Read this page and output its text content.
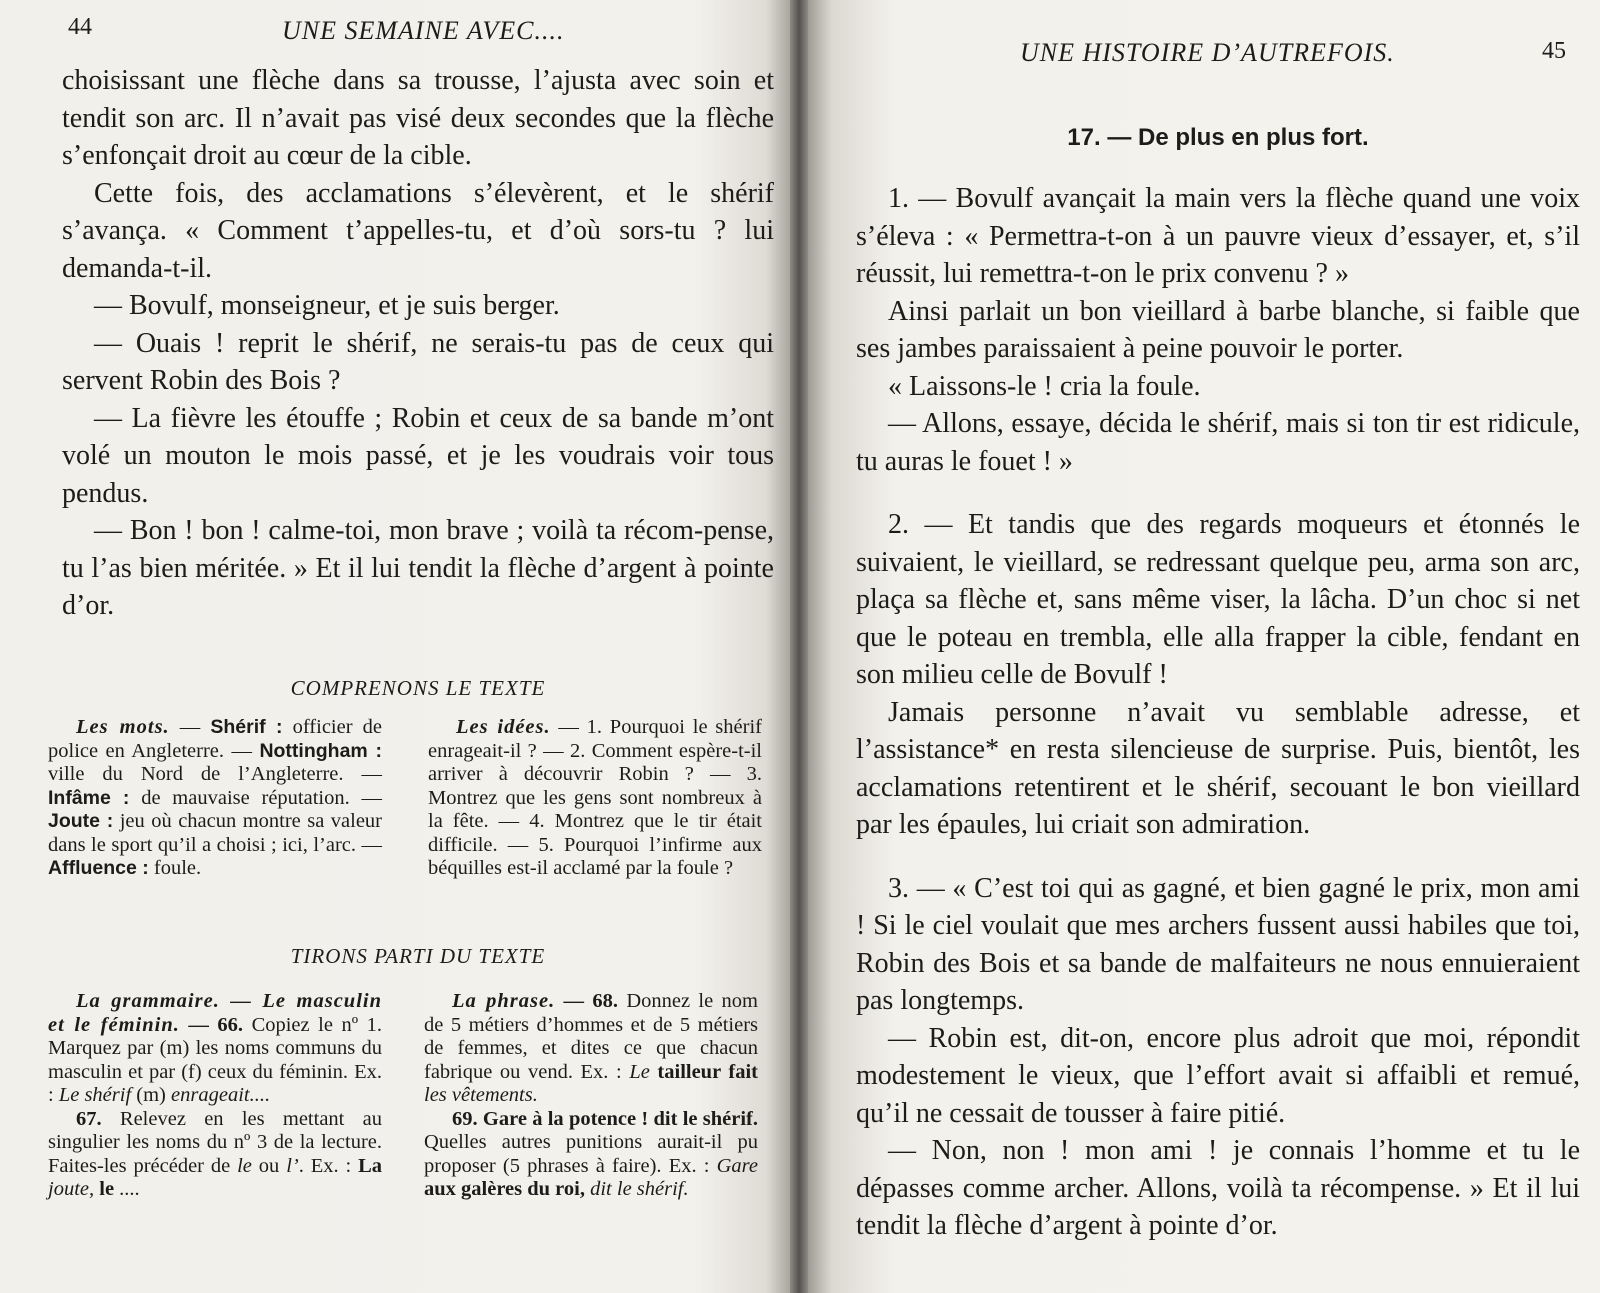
44	UNE SEMAINE AVEC....

choisissant une flèche dans sa trousse, l’ajusta avec soin et tendit son arc. Il n’avait pas visé deux secondes que la flèche s’enfonçait droit au cœur de la cible.

Cette fois, des acclamations s’élevèrent, et le shérif s’avança. « Comment t’appelles-tu, et d’où sors-tu ? lui demanda-t-il.

— Bovulf, monseigneur, et je suis berger.

— Ouais ! reprit le shérif, ne serais-tu pas de ceux qui servent Robin des Bois ?

— La fièvre les étouffe ; Robin et ceux de sa bande m’ont volé un mouton le mois passé, et je les voudrais voir tous pendus.

— Bon ! bon ! calme-toi, mon brave ; voilà ta récom-pense, tu l’as bien méritée. » Et il lui tendit la flèche d’argent à pointe d’or.

COMPRENONS LE TEXTE

Les mots. — Shérif : officier de police en Angleterre. — Nottingham : ville du Nord de l’Angleterre. — Infâme : de mauvaise réputation. — Joute : jeu où chacun montre sa valeur dans le sport qu’il a choisi ; ici, l’arc. — Affluence : foule.

Les idées. — 1. Pourquoi le shérif enrageait-il ? — 2. Comment espère-t-il arriver à découvrir Robin ? — 3. Montrez que les gens sont nombreux à la fête. — 4. Montrez que le tir était difficile. — 5. Pourquoi l’infirme aux béquilles est-il acclamé par la foule ?

TIRONS PARTI DU TEXTE

La grammaire. — Le masculin et le féminin. — 66. Copiez le nº 1. Marquez par (m) les noms communs du masculin et par (f) ceux du féminin. Ex. : Le shérif (m) enrageait....

67. Relevez en les mettant au singulier les noms du nº 3 de la lecture. Faites-les précéder de le ou l’. Ex. : La joute, le ....

La phrase. — 68. Donnez le nom de 5 métiers d’hommes et de 5 métiers de femmes, et dites ce que chacun fabrique ou vend. Ex. : Le tailleur fait les vêtements.

69. Gare à la potence ! dit le shérif. Quelles autres punitions aurait-il pu proposer (5 phrases à faire). Ex. : Gare aux galères du roi, dit le shérif.

UNE HISTOIRE D’AUTREFOIS.	45
17. — De plus en plus fort.

1. — Bovulf avançait la main vers la flèche quand une voix s’éleva : « Permettra-t-on à un pauvre vieux d’essayer, et, s’il réussit, lui remettra-t-on le prix convenu ? »

Ainsi parlait un bon vieillard à barbe blanche, si faible que ses jambes paraissaient à peine pouvoir le porter.

« Laissons-le ! cria la foule.

— Allons, essaye, décida le shérif, mais si ton tir est ridicule, tu auras le fouet ! »

2. — Et tandis que des regards moqueurs et étonnés le suivaient, le vieillard, se redressant quelque peu, arma son arc, plaça sa flèche et, sans même viser, la lâcha. D’un choc si net que le poteau en trembla, elle alla frapper la cible, fendant en son milieu celle de Bovulf !

Jamais personne n’avait vu semblable adresse, et l’assistance* en resta silencieuse de surprise. Puis, bientôt, les acclamations retentirent et le shérif, secouant le bon vieillard par les épaules, lui criait son admiration.

3. — « C’est toi qui as gagné, et bien gagné le prix, mon ami ! Si le ciel voulait que mes archers fussent aussi habiles que toi, Robin des Bois et sa bande de malfaiteurs ne nous ennuieraient pas longtemps.

— Robin est, dit-on, encore plus adroit que moi, répondit modestement le vieux, que l’effort avait si affaibli et remué, qu’il ne cessait de tousser à faire pitié.

— Non, non ! mon ami ! je connais l’homme et tu le dépasses comme archer. Allons, voilà ta récompense. » Et il lui tendit la flèche d’argent à pointe d’or.
